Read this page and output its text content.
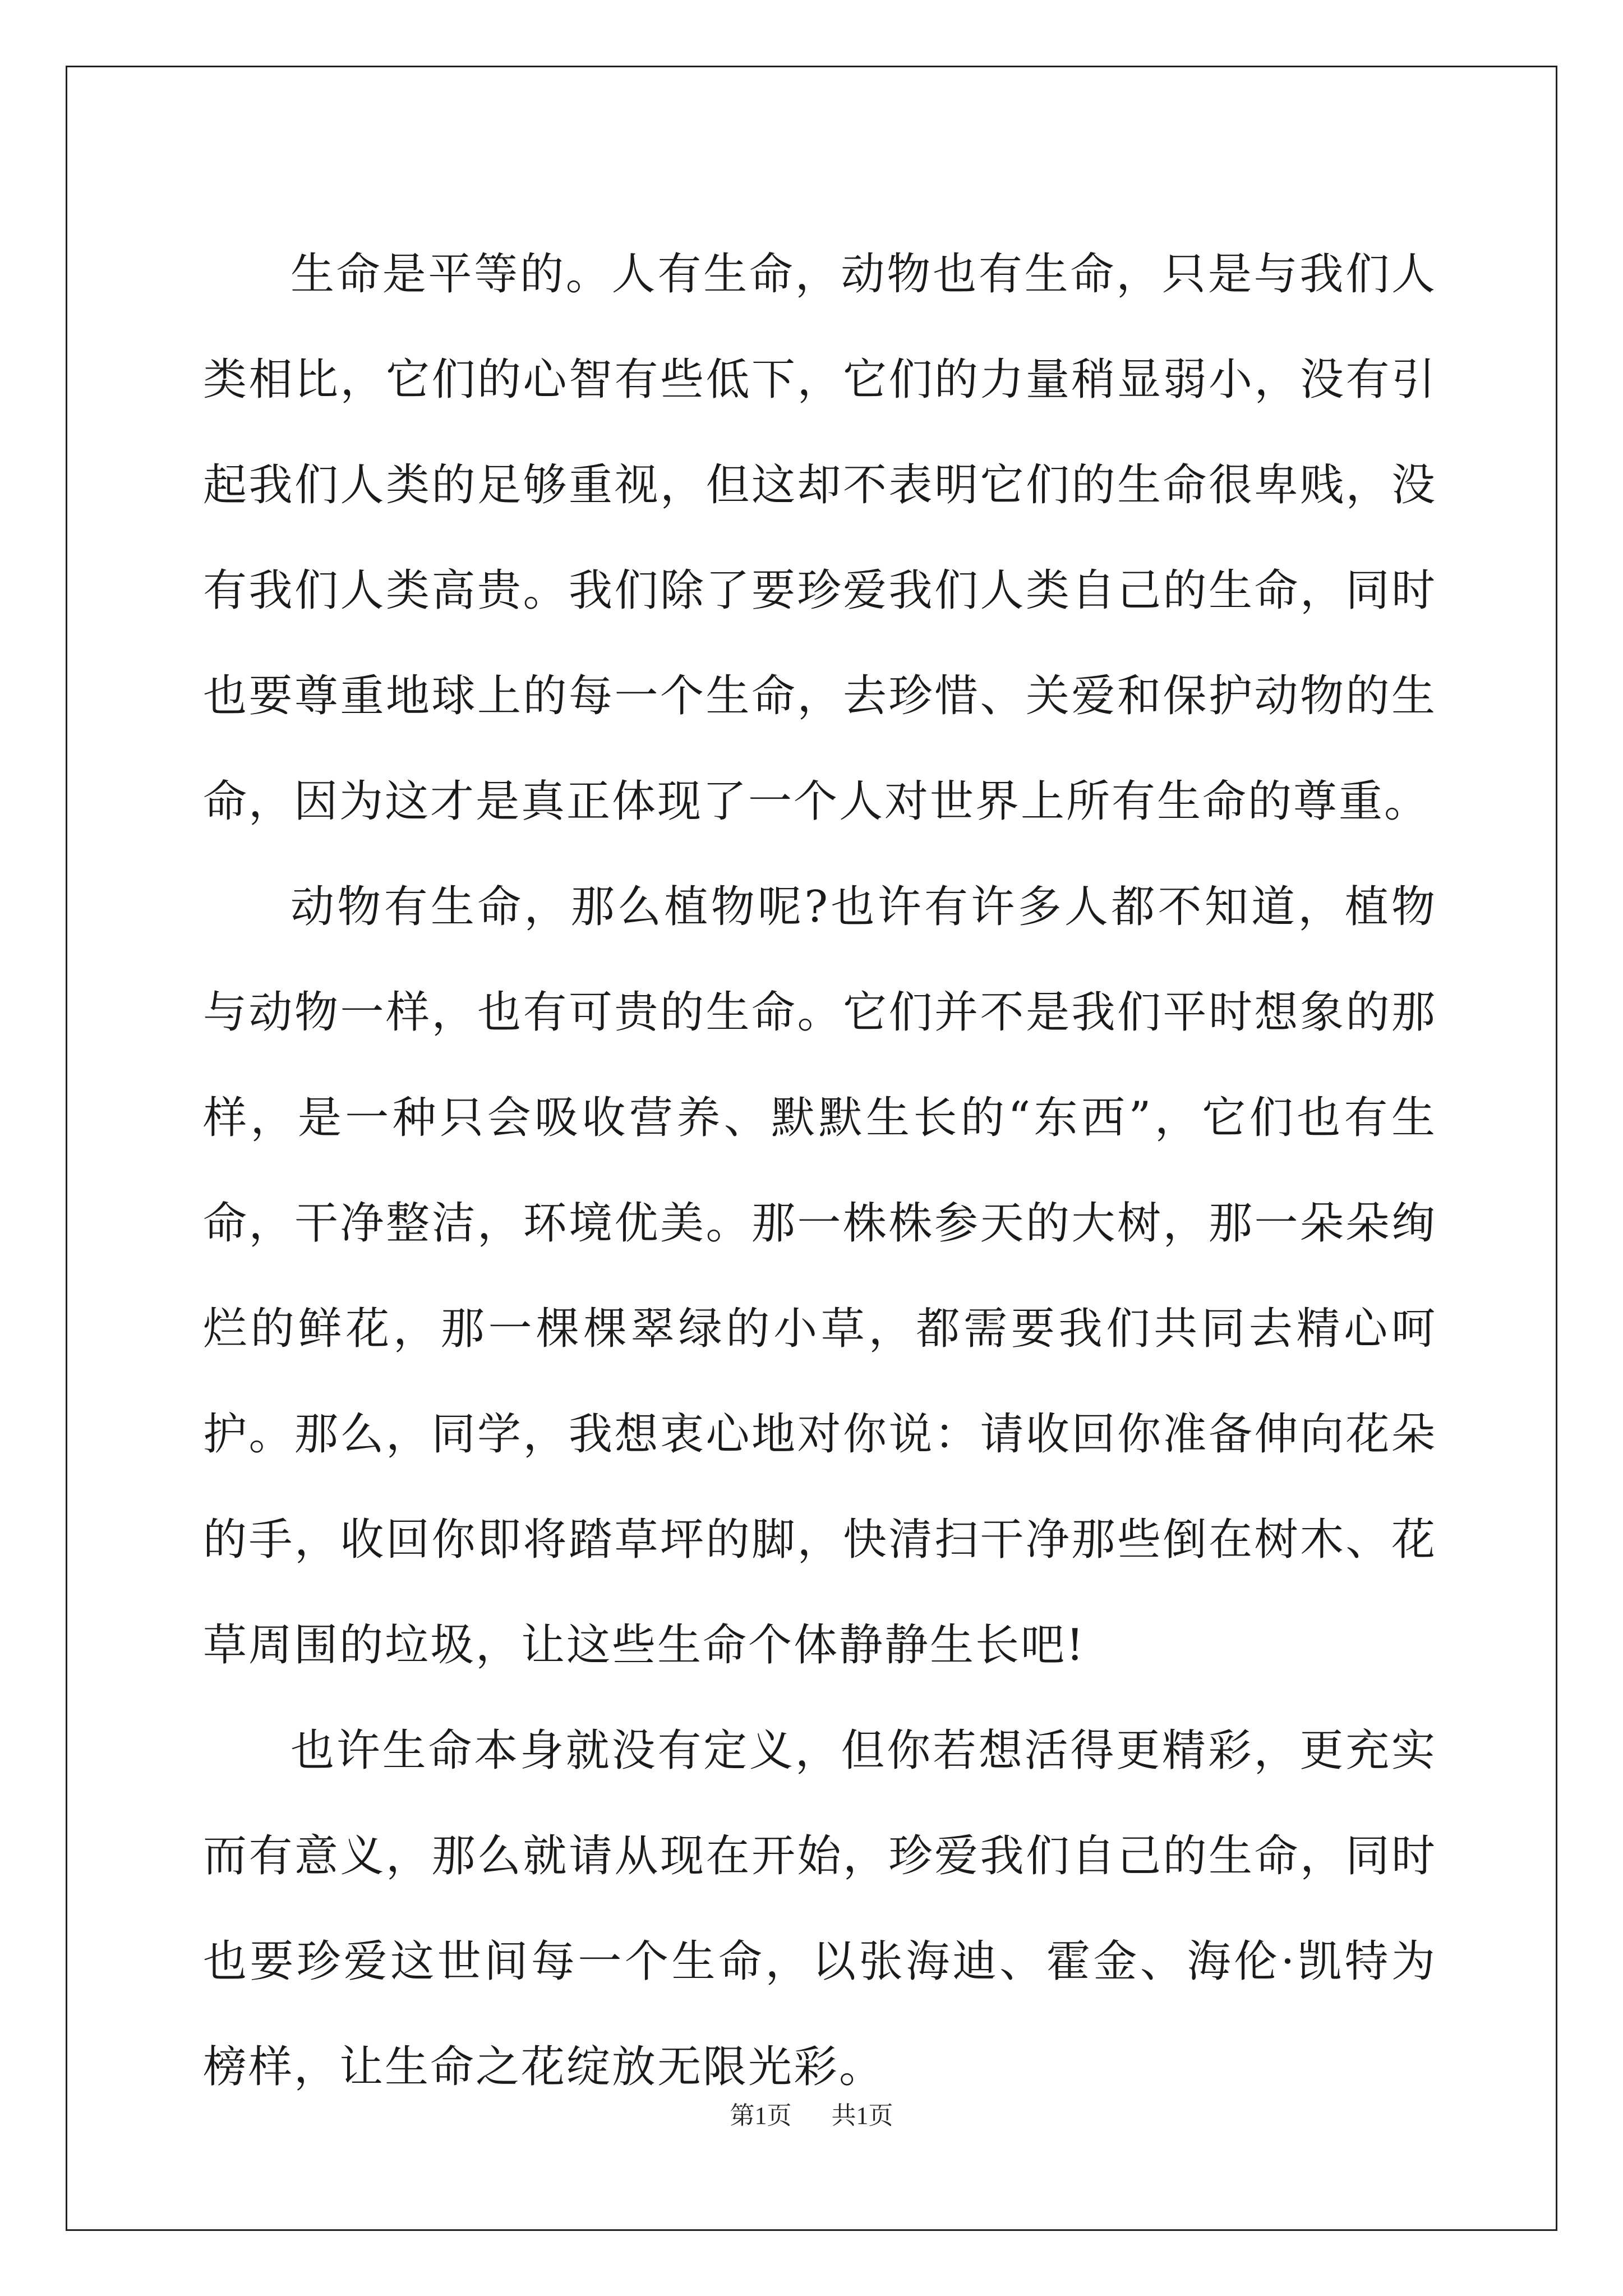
生命是平等的。人有生命，动物也有生命，只是与我们人类相比，它们的心智有些低下，它们的力量稍显弱小，没有引起我们人类的足够重视，但这却不表明它们的生命很卑贱，没有我们人类高贵。我们除了要珍爱我们人类自己的生命，同时也要尊重地球上的每一个生命，去珍惜、关爱和保护动物的生命，因为这才是真正体现了一个人对世界上所有生命的尊重。

动物有生命，那么植物呢?也许有许多人都不知道，植物与动物一样，也有可贵的生命。它们并不是我们平时想象的那样，是一种只会吸收营养、默默生长的“东西”，它们也有生命，干净整洁，环境优美。那一株株参天的大树，那一朵朵绚烂的鲜花，那一棵棵翠绿的小草，都需要我们共同去精心呵护。那么，同学，我想衷心地对你说：请收回你准备伸向花朵的手，收回你即将踏草坪的脚，快清扫干净那些倒在树木、花草周围的垃圾，让这些生命个体静静生长吧!

也许生命本身就没有定义，但你若想活得更精彩，更充实而有意义，那么就请从现在开始，珍爱我们自己的生命，同时也要珍爱这世间每一个生命，以张海迪、霍金、海伦·凯特为榜样，让生命之花绽放无限光彩。

第1页 共1页
